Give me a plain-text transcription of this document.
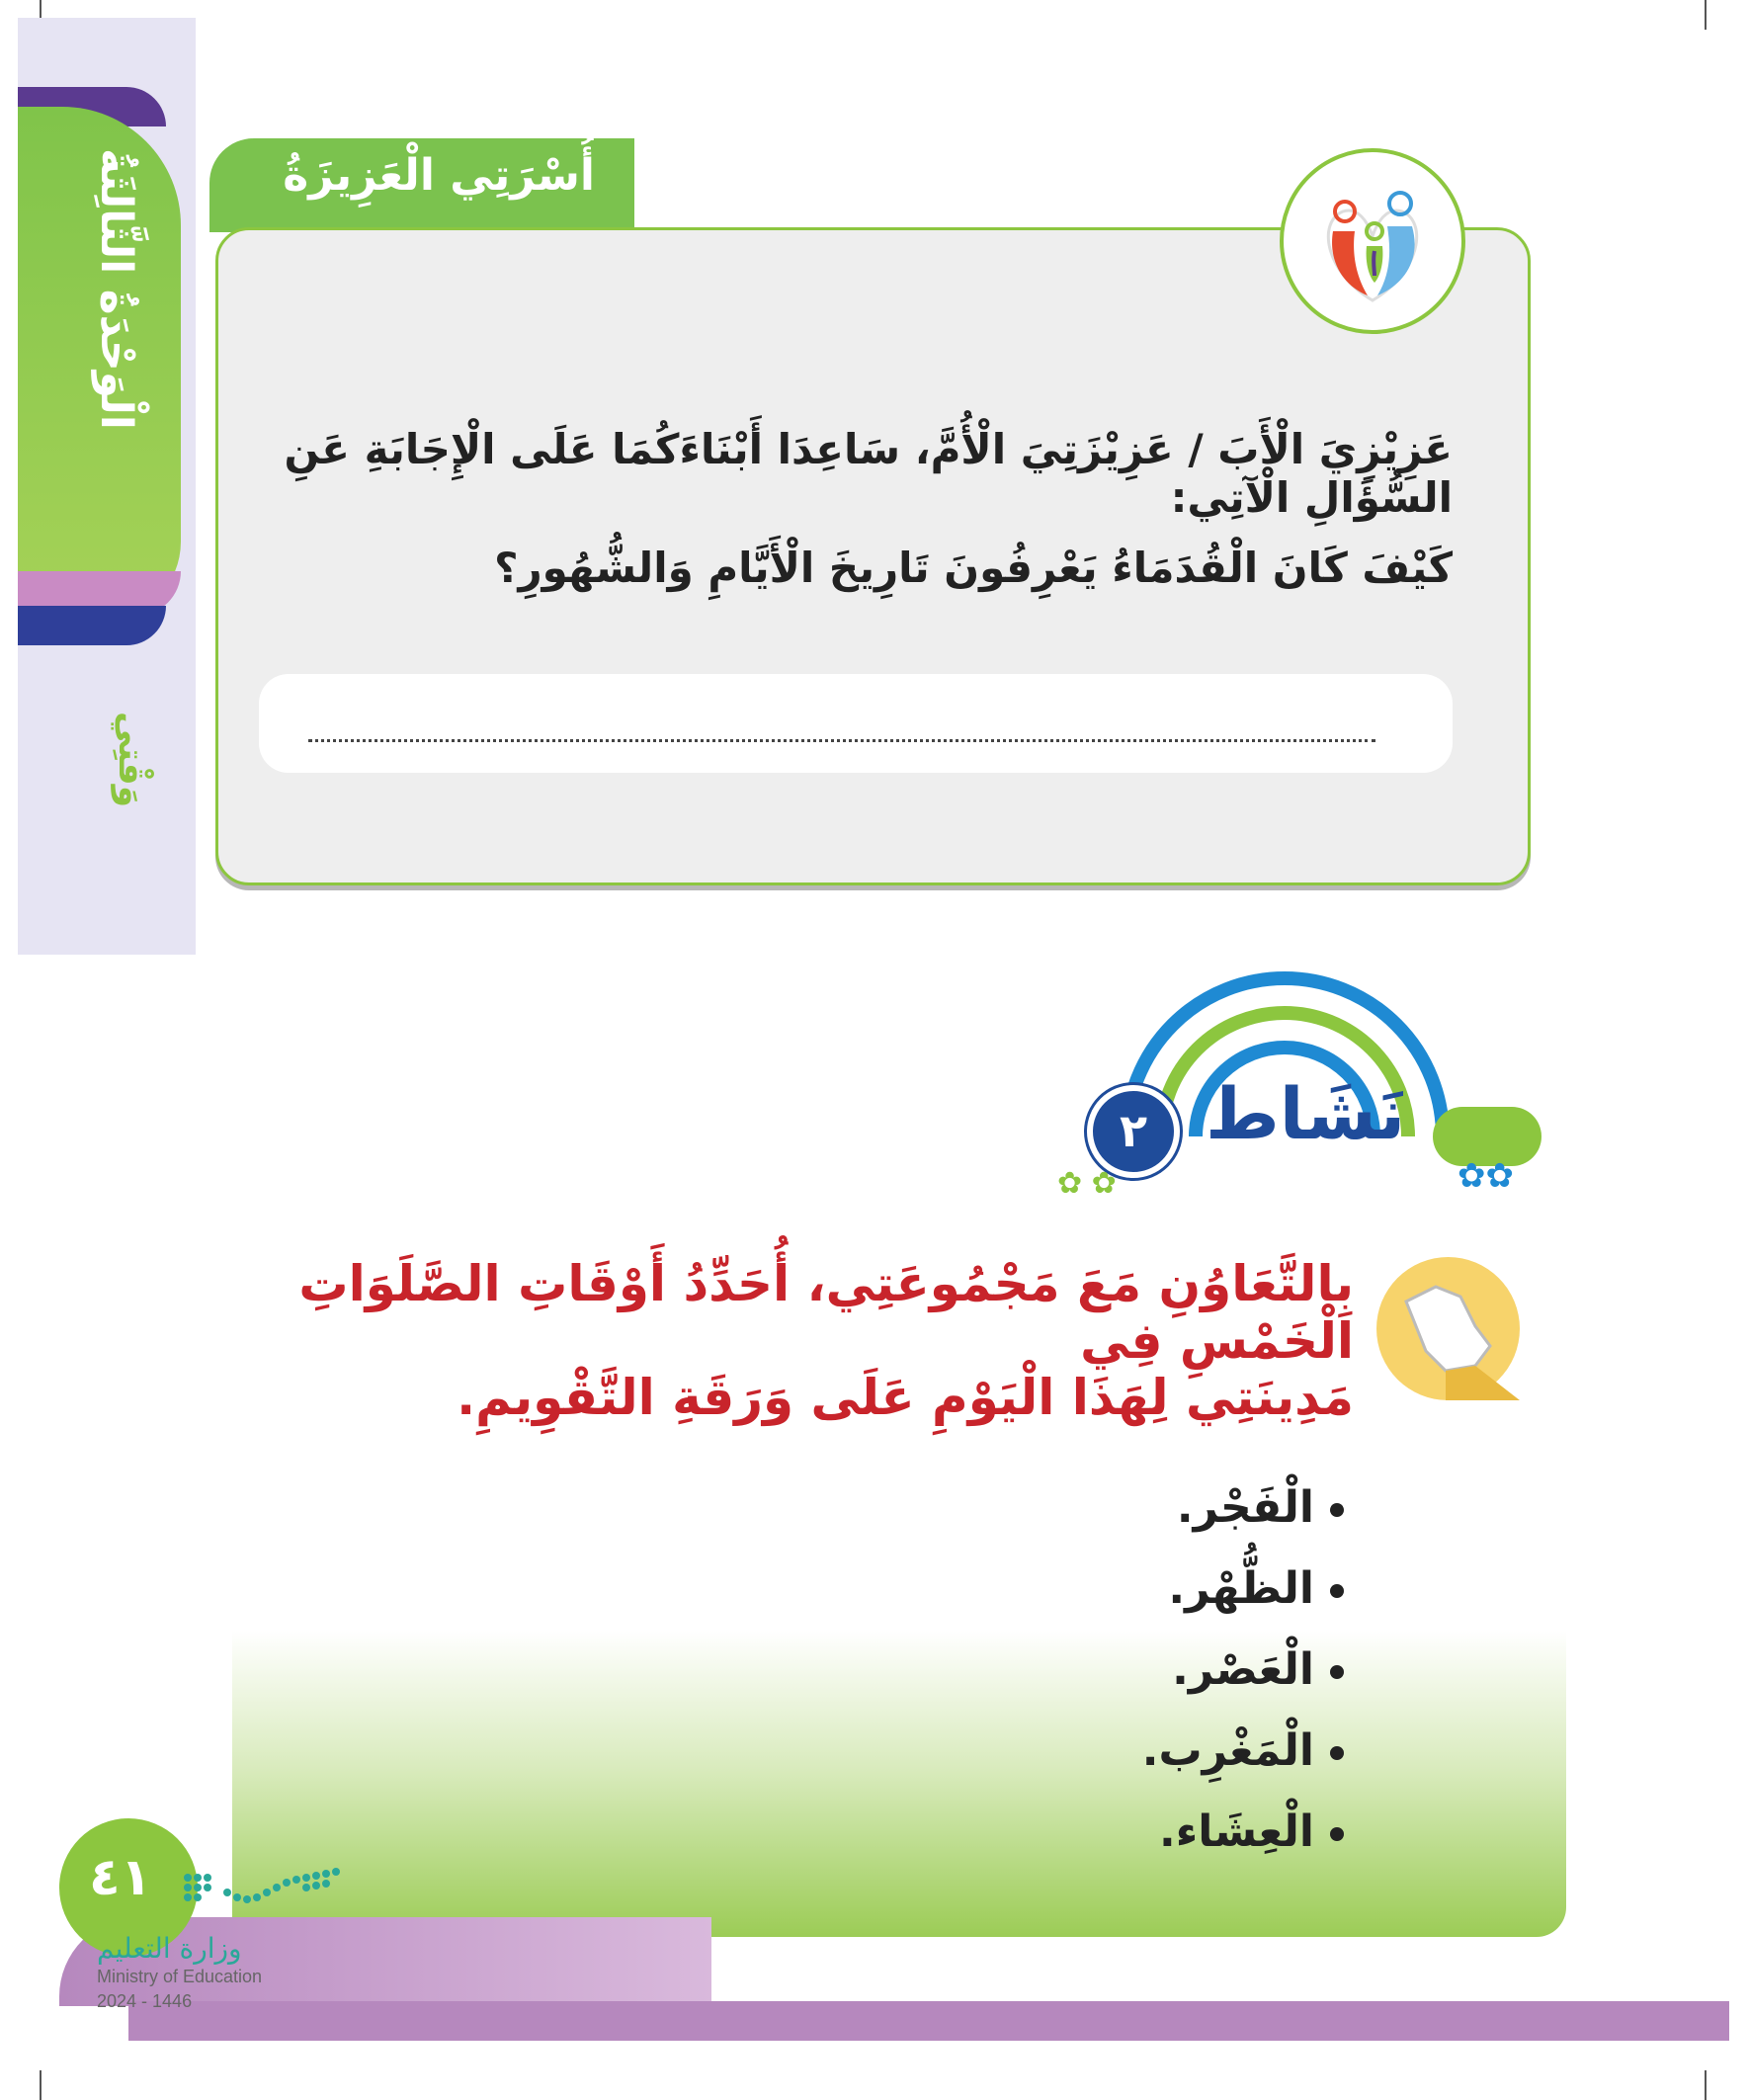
الْوَحْدَةُ الثَّالِثَةُ
وَقْتِي
أُسْرَتِي الْعَزِيزَةُ
عَزِيْزِيَ الْأَبَ / عَزِيْزَتِيَ الْأُمَّ، سَاعِدَا أَبْنَاءَكُمَا عَلَى الْإِجَابَةِ عَنِ السُّؤَالِ الْآتِي:
كَيْفَ كَانَ الْقُدَمَاءُ يَعْرِفُونَ تَارِيخَ الْأَيَّامِ وَالشُّهُورِ؟
٢ نَشَاط
✿ ✿	✿✿
بِالتَّعَاوُنِ مَعَ مَجْمُوعَتِي، أُحَدِّدُ أَوْقَاتِ الصَّلَوَاتِ الْخَمْسِ فِي
مَدِينَتِي لِهَذَا الْيَوْمِ عَلَى وَرَقَةِ التَّقْوِيمِ.
الْفَجْر.
الظُّهْر.
الْعَصْر.
الْمَغْرِب.
الْعِشَاء.
٤١
وزارة التعليم
Ministry of Education
2024 - 1446
